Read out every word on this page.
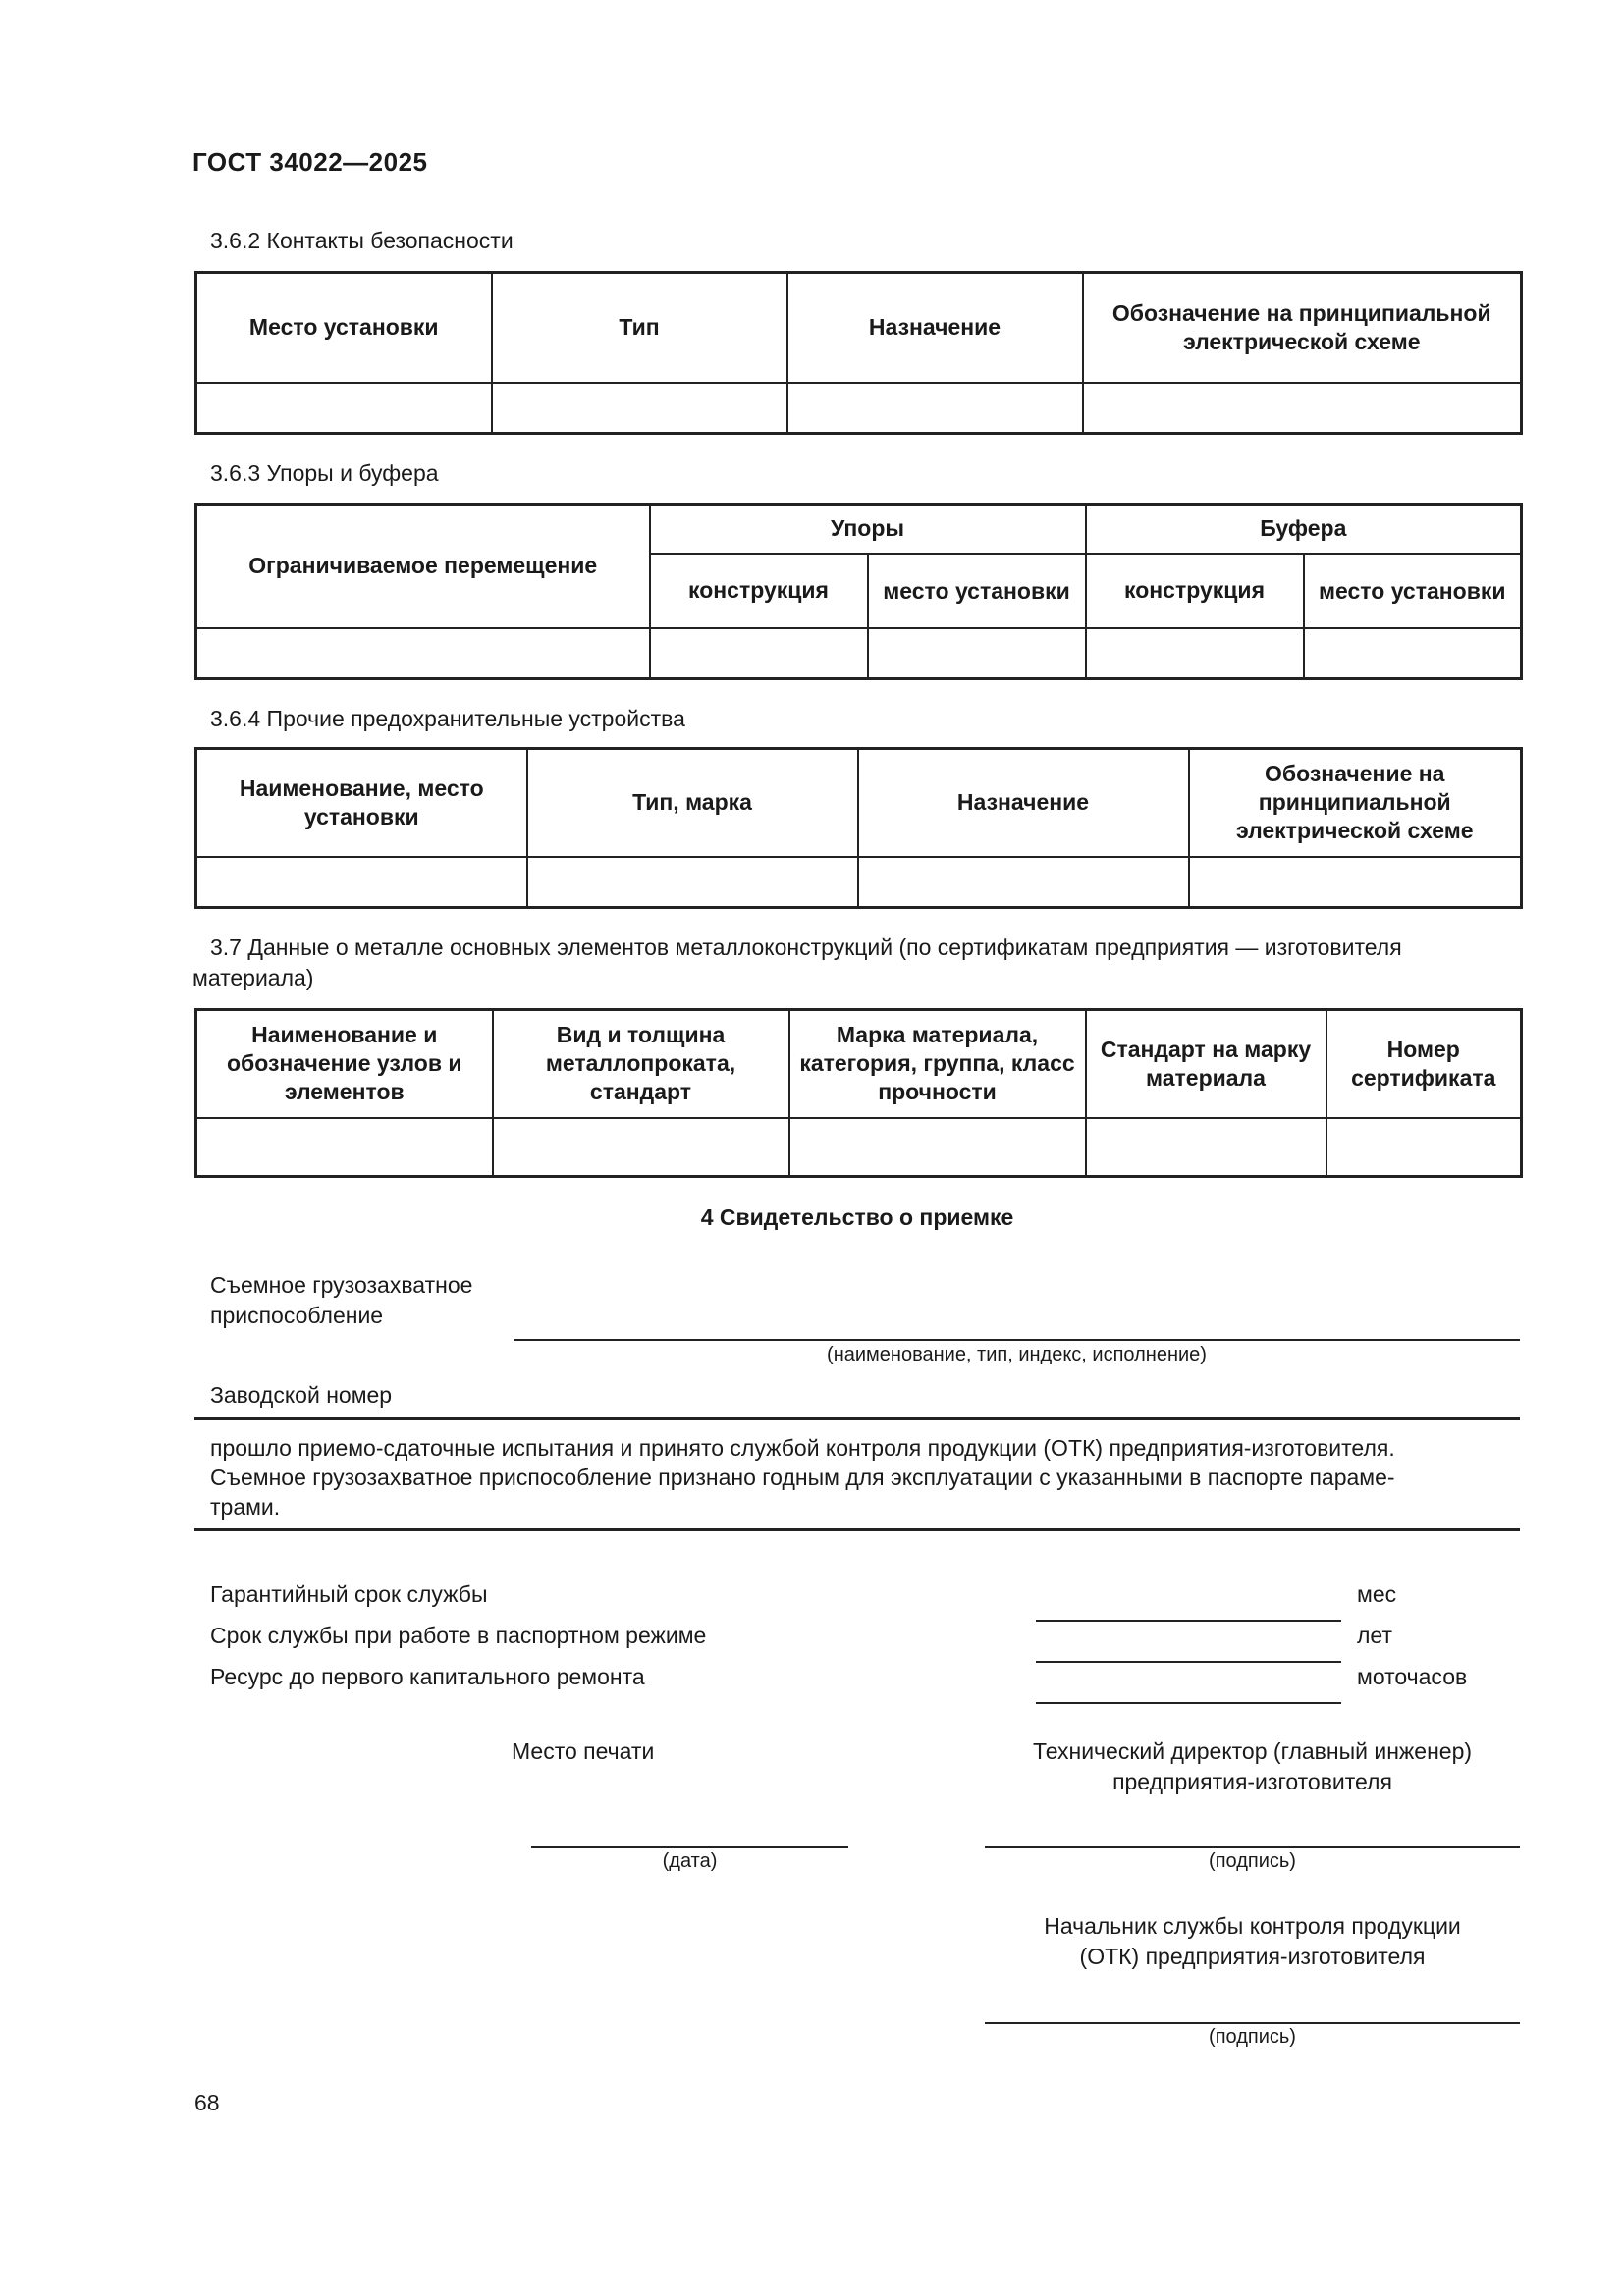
ГОСТ 34022—2025
3.6.2 Контакты безопасности
Место установки	Тип	Назначение	Обозначение на принципиальной электрической схеме

3.6.3 Упоры и буфера
Ограничиваемое перемещение	Упоры		Буфера	
	конструкция	место установки	конструкция	место установки

3.6.4 Прочие предохранительные устройства
Наименование, место установки	Тип, марка	Назначение	Обозначение на принципиальной электрической схеме

3.7 Данные о металле основных элементов металлоконструкций (по сертификатам предприятия — изготовителя
материала)
Наименование и обозначение узлов и элементов	Вид и толщина металлопроката, стандарт	Марка материала, категория, группа, класс прочности	Стандарт на марку материала	Номер сертификата

4 Свидетельство о приемке
Съемное грузозахватное
приспособление
(наименование, тип, индекс, исполнение)
Заводской номер
прошло приемо-сдаточные испытания и принято службой контроля продукции (ОТК) предприятия-изготовителя.
Съемное грузозахватное приспособление признано годным для эксплуатации с указанными в паспорте параме-
трами.
Гарантийный срок службы	мес
Срок службы при работе в паспортном режиме	лет
Ресурс до первого капитального ремонта	моточасов
Место печати	Технический директор (главный инженер)
предприятия-изготовителя
(дата)	(подпись)
Начальник службы контроля продукции
(ОТК) предприятия-изготовителя
(подпись)
68
